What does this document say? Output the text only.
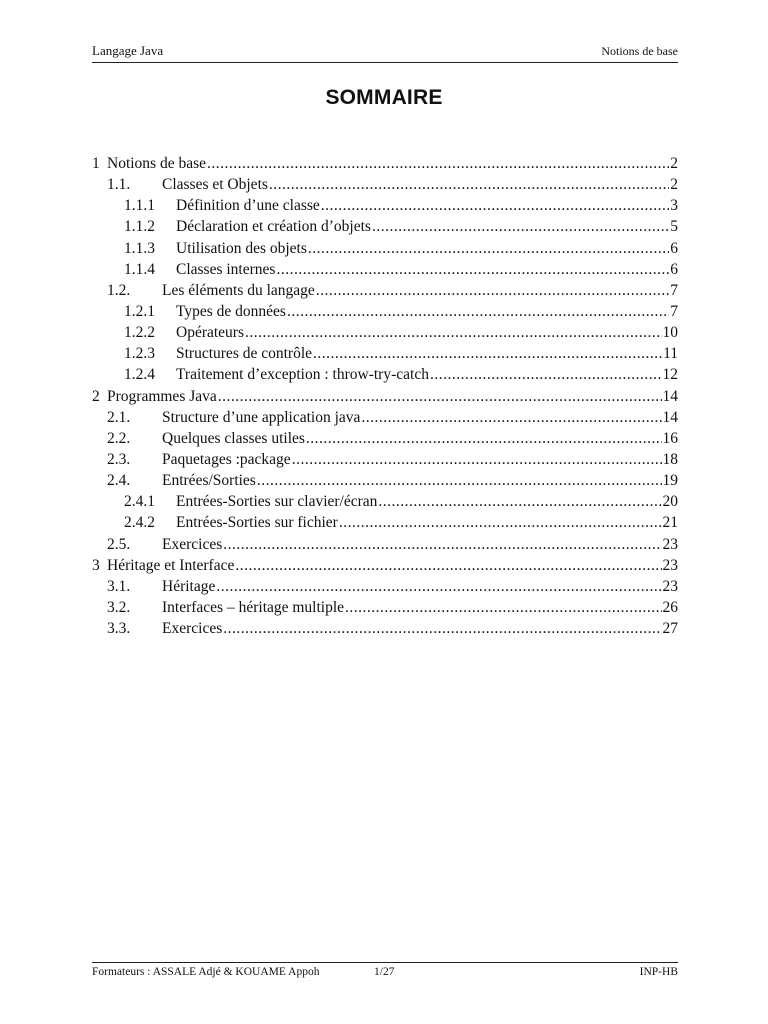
Langage Java	Notions de base
SOMMAIRE
1 Notions de base .....	2
1.1.	Classes et Objets .....	2
1.1.1	Définition d’une classe .....	3
1.1.2	Déclaration et création d’objets .....	5
1.1.3	Utilisation des objets .....	6
1.1.4	Classes internes .....	6
1.2.	Les éléments du langage .....	7
1.2.1	Types de données .....	7
1.2.2	Opérateurs .....	10
1.2.3	Structures de contrôle .....	11
1.2.4	Traitement d’exception : throw-try-catch .....	12
2 Programmes Java .....	14
2.1.	Structure d’une application java .....	14
2.2.	Quelques classes utiles .....	16
2.3.	Paquetages :package .....	18
2.4.	Entrées/Sorties .....	19
2.4.1	Entrées-Sorties sur clavier/écran .....	20
2.4.2	Entrées-Sorties sur fichier .....	21
2.5.	Exercices .....	23
3 Héritage et Interface .....	23
3.1.	Héritage .....	23
3.2.	Interfaces – héritage multiple .....	26
3.3.	Exercices .....	27
Formateurs : ASSALE Adjé & KOUAME Appoh	1/27	INP-HB
